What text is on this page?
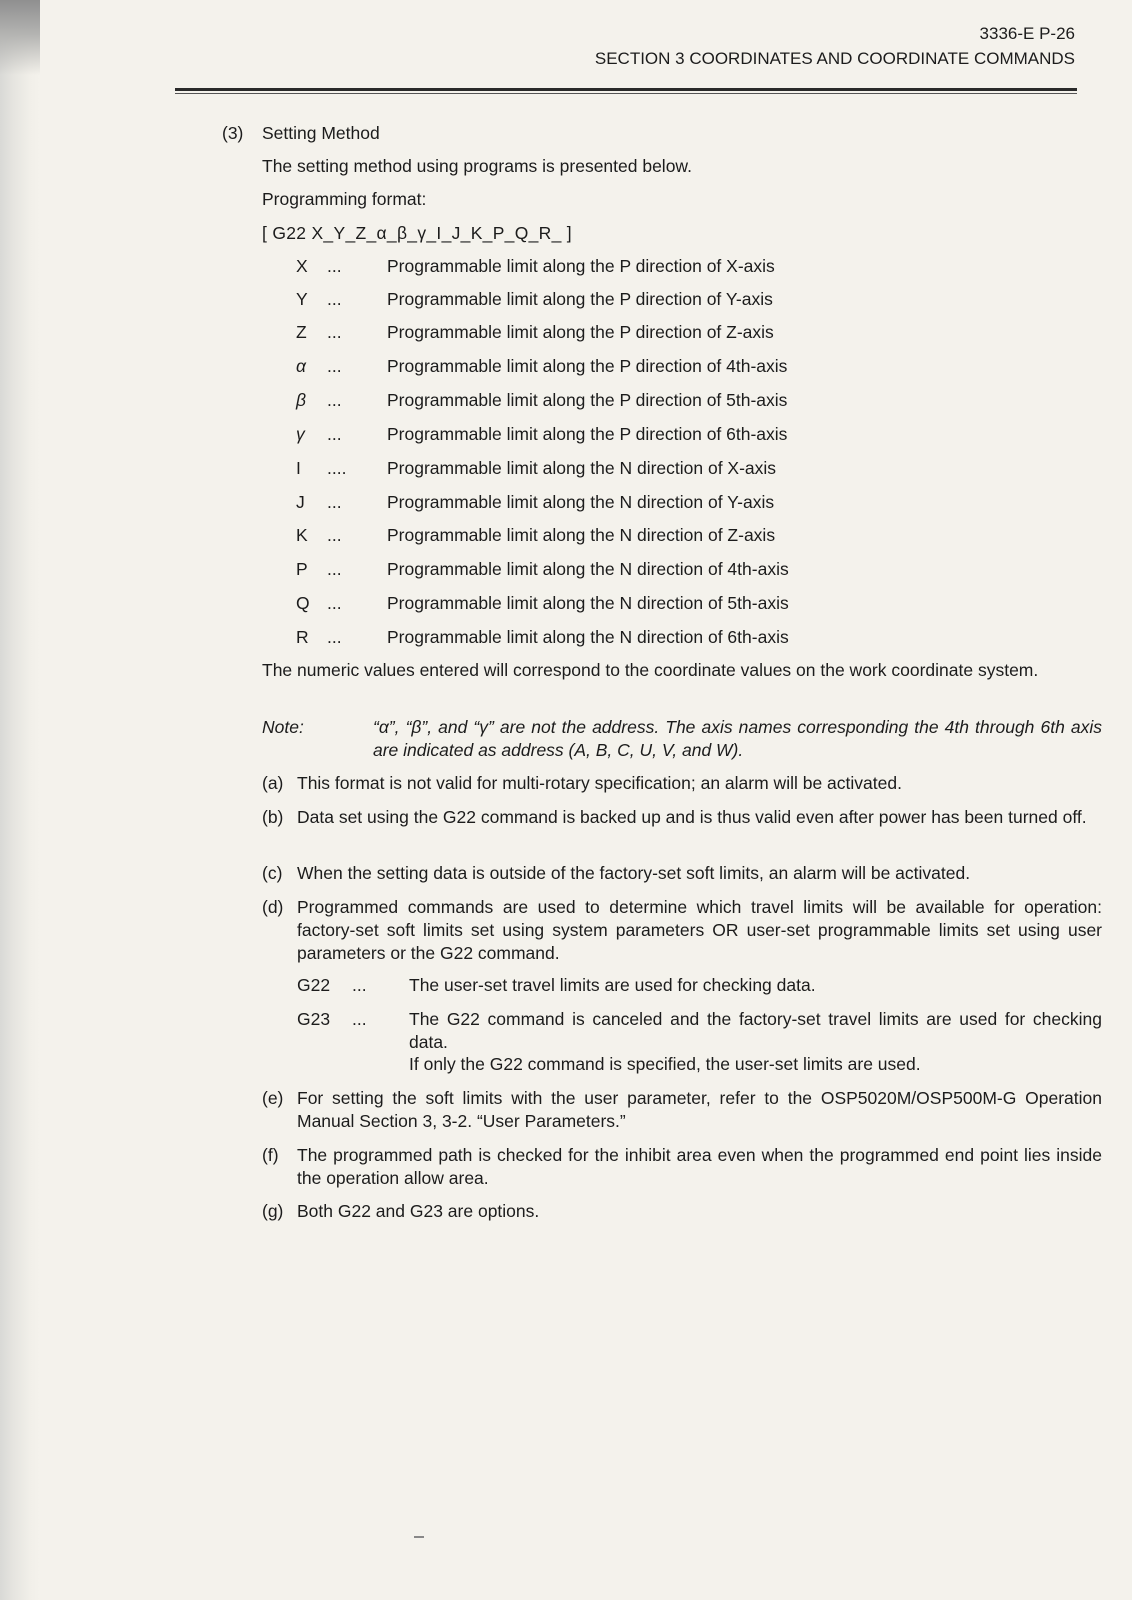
3336-E P-26
SECTION 3 COORDINATES AND COORDINATE COMMANDS
(3) Setting Method
The setting method using programs is presented below.
Programming format:
[ G22 X_Y_Z_α_β_γ_I_J_K_P_Q_R_ ]
X	...	Programmable limit along the P direction of X-axis
Y	...	Programmable limit along the P direction of Y-axis
Z	...	Programmable limit along the P direction of Z-axis
α	...	Programmable limit along the P direction of 4th-axis
β	...	Programmable limit along the P direction of 5th-axis
γ	...	Programmable limit along the P direction of 6th-axis
I	.... Programmable limit along the N direction of X-axis
J	...	Programmable limit along the N direction of Y-axis
K	...	Programmable limit along the N direction of Z-axis
P	...	Programmable limit along the N direction of 4th-axis
Q ...	Programmable limit along the N direction of 5th-axis
R	...	Programmable limit along the N direction of 6th-axis
The numeric values entered will correspond to the coordinate values on the work coordinate system.
Note:	“α”, “β”, and “γ” are not the address. The axis names corresponding the 4th through 6th axis are indicated as address (A, B, C, U, V, and W).
(a) This format is not valid for multi-rotary specification; an alarm will be activated.
(b) Data set using the G22 command is backed up and is thus valid even after power has been turned off.
(c) When the setting data is outside of the factory-set soft limits, an alarm will be activated.
(d) Programmed commands are used to determine which travel limits will be available for operation: factory-set soft limits set using system parameters OR user-set programmable limits set using user parameters or the G22 command.
G22 ... The user-set travel limits are used for checking data.
G23 ... The G22 command is canceled and the factory-set travel limits are used for checking data.
If only the G22 command is specified, the user-set limits are used.
(e) For setting the soft limits with the user parameter, refer to the OSP5020M/OSP500M-G Operation Manual Section 3, 3-2. “User Parameters.”
(f) The programmed path is checked for the inhibit area even when the programmed end point lies inside the operation allow area.
(g) Both G22 and G23 are options.
